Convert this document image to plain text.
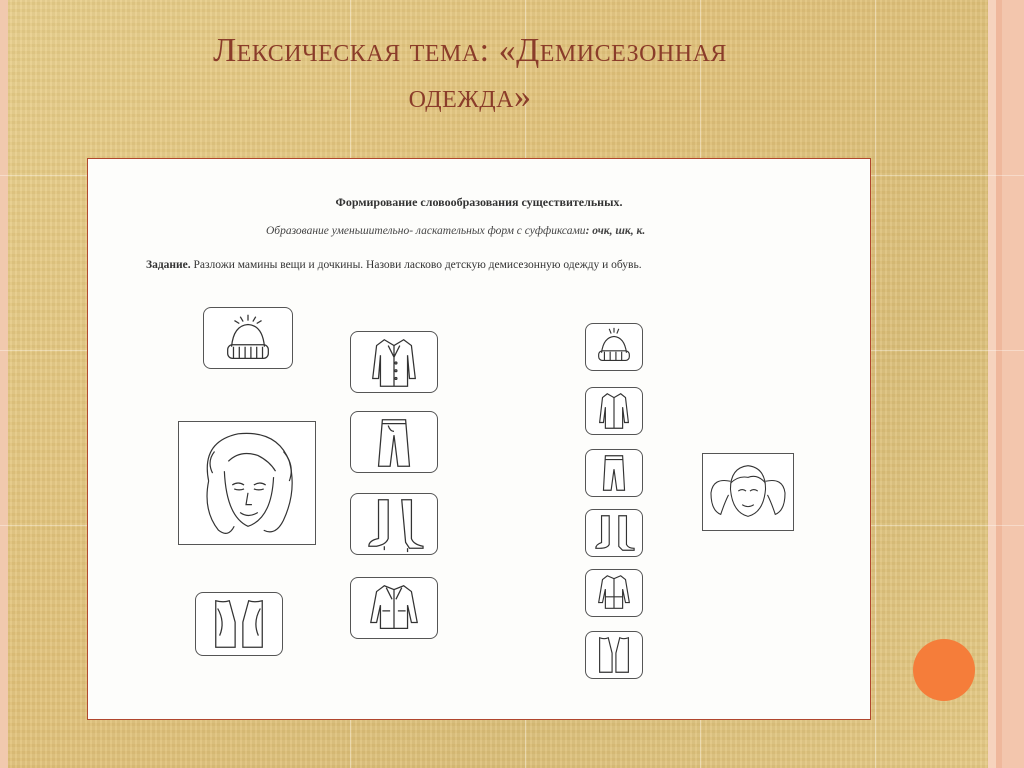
Лексическая тема: «Демисезонная
одежда»
Формирование словообразования существительных.
Образование уменьшительно- ласкательных форм с суффиксами: очк, шк, к.
Задание. Разложи мамины вещи и дочкины. Назови ласково детскую демисезонную одежду и обувь.
